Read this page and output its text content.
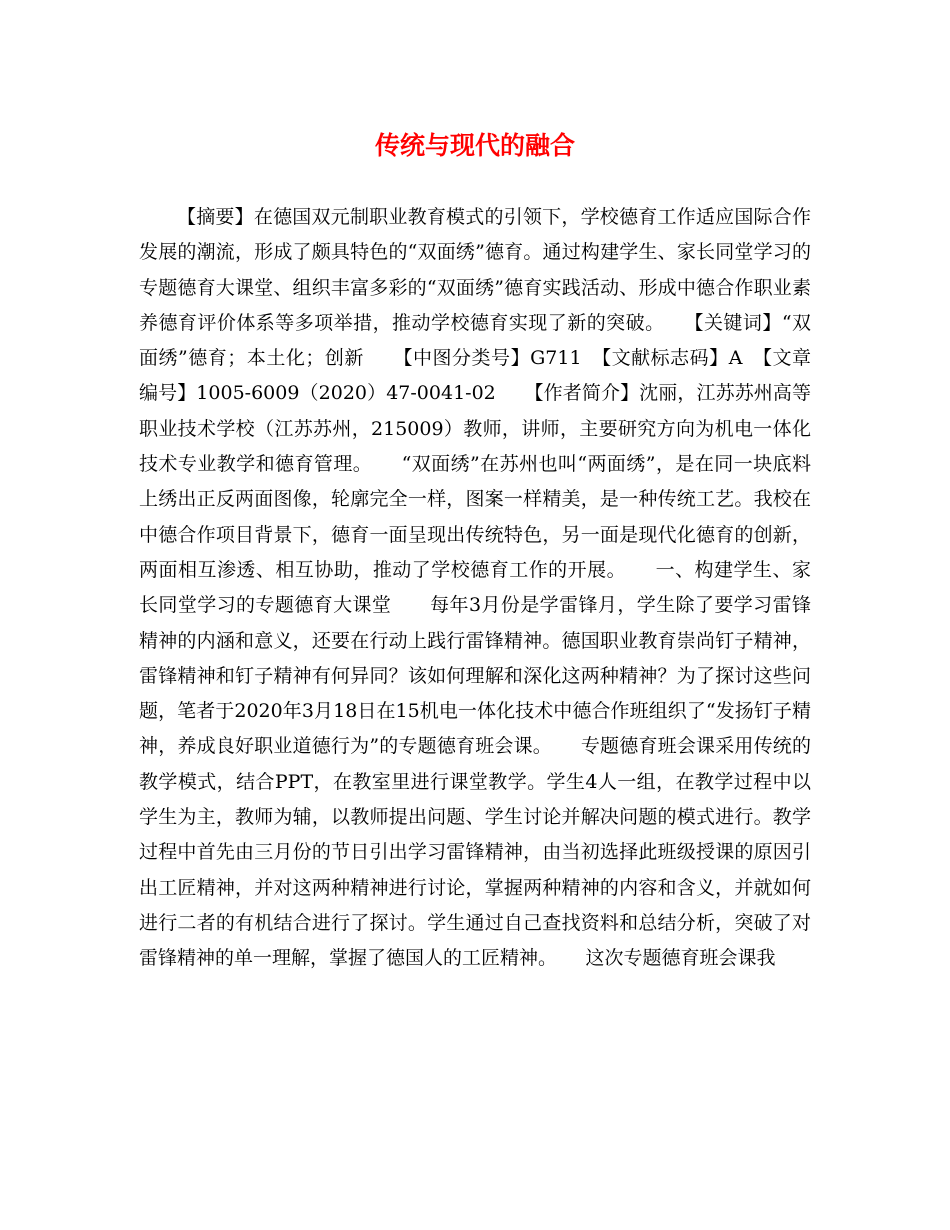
传统与现代的融合

【摘要】在德国双元制职业教育模式的引领下，学校德育工作适应国际合作发展的潮流，形成了颇具特色的“双面绣”德育。通过构建学生、家长同堂学习的专题德育大课堂、组织丰富多彩的“双面绣”德育实践活动、形成中德合作职业素养德育评价体系等多项举措，推动学校德育实现了新的突破。　　【关键词】“双面绣”德育；本土化；创新　　【中图分类号】G711　【文献标志码】A　【文章编号】1005-6009（2020）47-0041-02　　【作者简介】沈丽，江苏苏州高等职业技术学校（江苏苏州，215009）教师，讲师，主要研究方向为机电一体化技术专业教学和德育管理。　　“双面绣”在苏州也叫“两面绣”，是在同一块底料上绣出正反两面图像，轮廓完全一样，图案一样精美，是一种传统工艺。我校在中德合作项目背景下，德育一面呈现出传统特色，另一面是现代化德育的创新，两面相互渗透、相互协助，推动了学校德育工作的开展。　　一、构建学生、家长同堂学习的专题德育大课堂　　每年3月份是学雷锋月，学生除了要学习雷锋精神的内涵和意义，还要在行动上践行雷锋精神。德国职业教育崇尚钉子精神，雷锋精神和钉子精神有何异同？该如何理解和深化这两种精神？为了探讨这些问题，笔者于2020年3月18日在15机电一体化技术中德合作班组织了“发扬钉子精神，养成良好职业道德行为”的专题德育班会课。　　专题德育班会课采用传统的教学模式，结合PPT，在教室里进行课堂教学。学生4人一组，在教学过程中以学生为主，教师为辅，以教师提出问题、学生讨论并解决问题的模式进行。教学过程中首先由三月份的节日引出学习雷锋精神，由当初选择此班级授课的原因引出工匠精神，并对这两种精神进行讨论，掌握两种精神的内容和含义，并就如何进行二者的有机结合进行了探讨。学生通过自己查找资料和总结分析，突破了对雷锋精神的单一理解，掌握了德国人的工匠精神。　　这次专题德育班会课我
